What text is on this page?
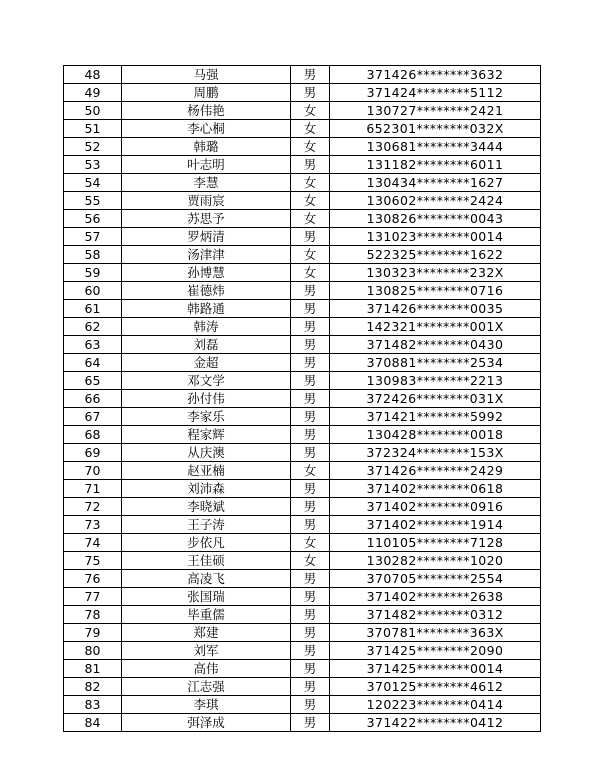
48	马强	男	371426********3632
49	周鹏	男	371424********5112
50	杨伟艳	女	130727********2421
51	李心桐	女	652301********032X
52	韩璐	女	130681********3444
53	叶志明	男	131182********6011
54	李慧	女	130434********1627
55	贾雨宸	女	130602********2424
56	苏思予	女	130826********0043
57	罗炳清	男	131023********0014
58	汤津津	女	522325********1622
59	孙博慧	女	130323********232X
60	崔德炜	男	130825********0716
61	韩路通	男	371426********0035
62	韩涛	男	142321********001X
63	刘磊	男	371482********0430
64	金超	男	370881********2534
65	邓文学	男	130983********2213
66	孙付伟	男	372426********031X
67	李家乐	男	371421********5992
68	程家辉	男	130428********0018
69	从庆澳	男	372324********153X
70	赵亚楠	女	371426********2429
71	刘沛森	男	371402********0618
72	李晓斌	男	371402********0916
73	王子涛	男	371402********1914
74	步依凡	女	110105********7128
75	王佳硕	女	130282********1020
76	高凌飞	男	370705********2554
77	张国瑞	男	371402********2638
78	毕重儒	男	371482********0312
79	郑建	男	370781********363X
80	刘军	男	371425********2090
81	高伟	男	371425********0014
82	江志强	男	370125********4612
83	李琪	男	120223********0414
84	弭泽成	男	371422********0412
